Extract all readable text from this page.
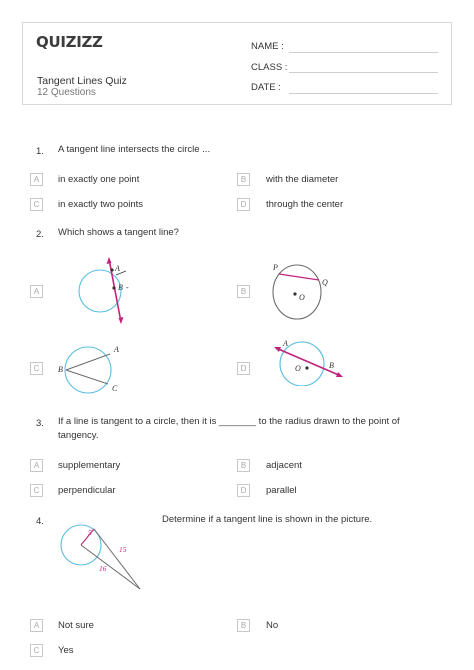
QUIZIZZ
Tangent Lines Quiz
12 Questions
NAME :
CLASS :
DATE :
1. A tangent line intersects the circle ...
A	in exactly one point	B	with the diameter
C	in exactly two points	D	through the center
2. Which shows a tangent line?
A
A
B -	B
P
Q
O
C	B
A
C
D
A
B
O
3. If a line is tangent to a circle, then it is _______ to the radius drawn to the point of tangency.
A	supplementary	B	adjacent
C	perpendicular	D	parallel
4.
5
15
16
Determine if a tangent line is shown in the picture.
A	Not sure	B	No
C	Yes
